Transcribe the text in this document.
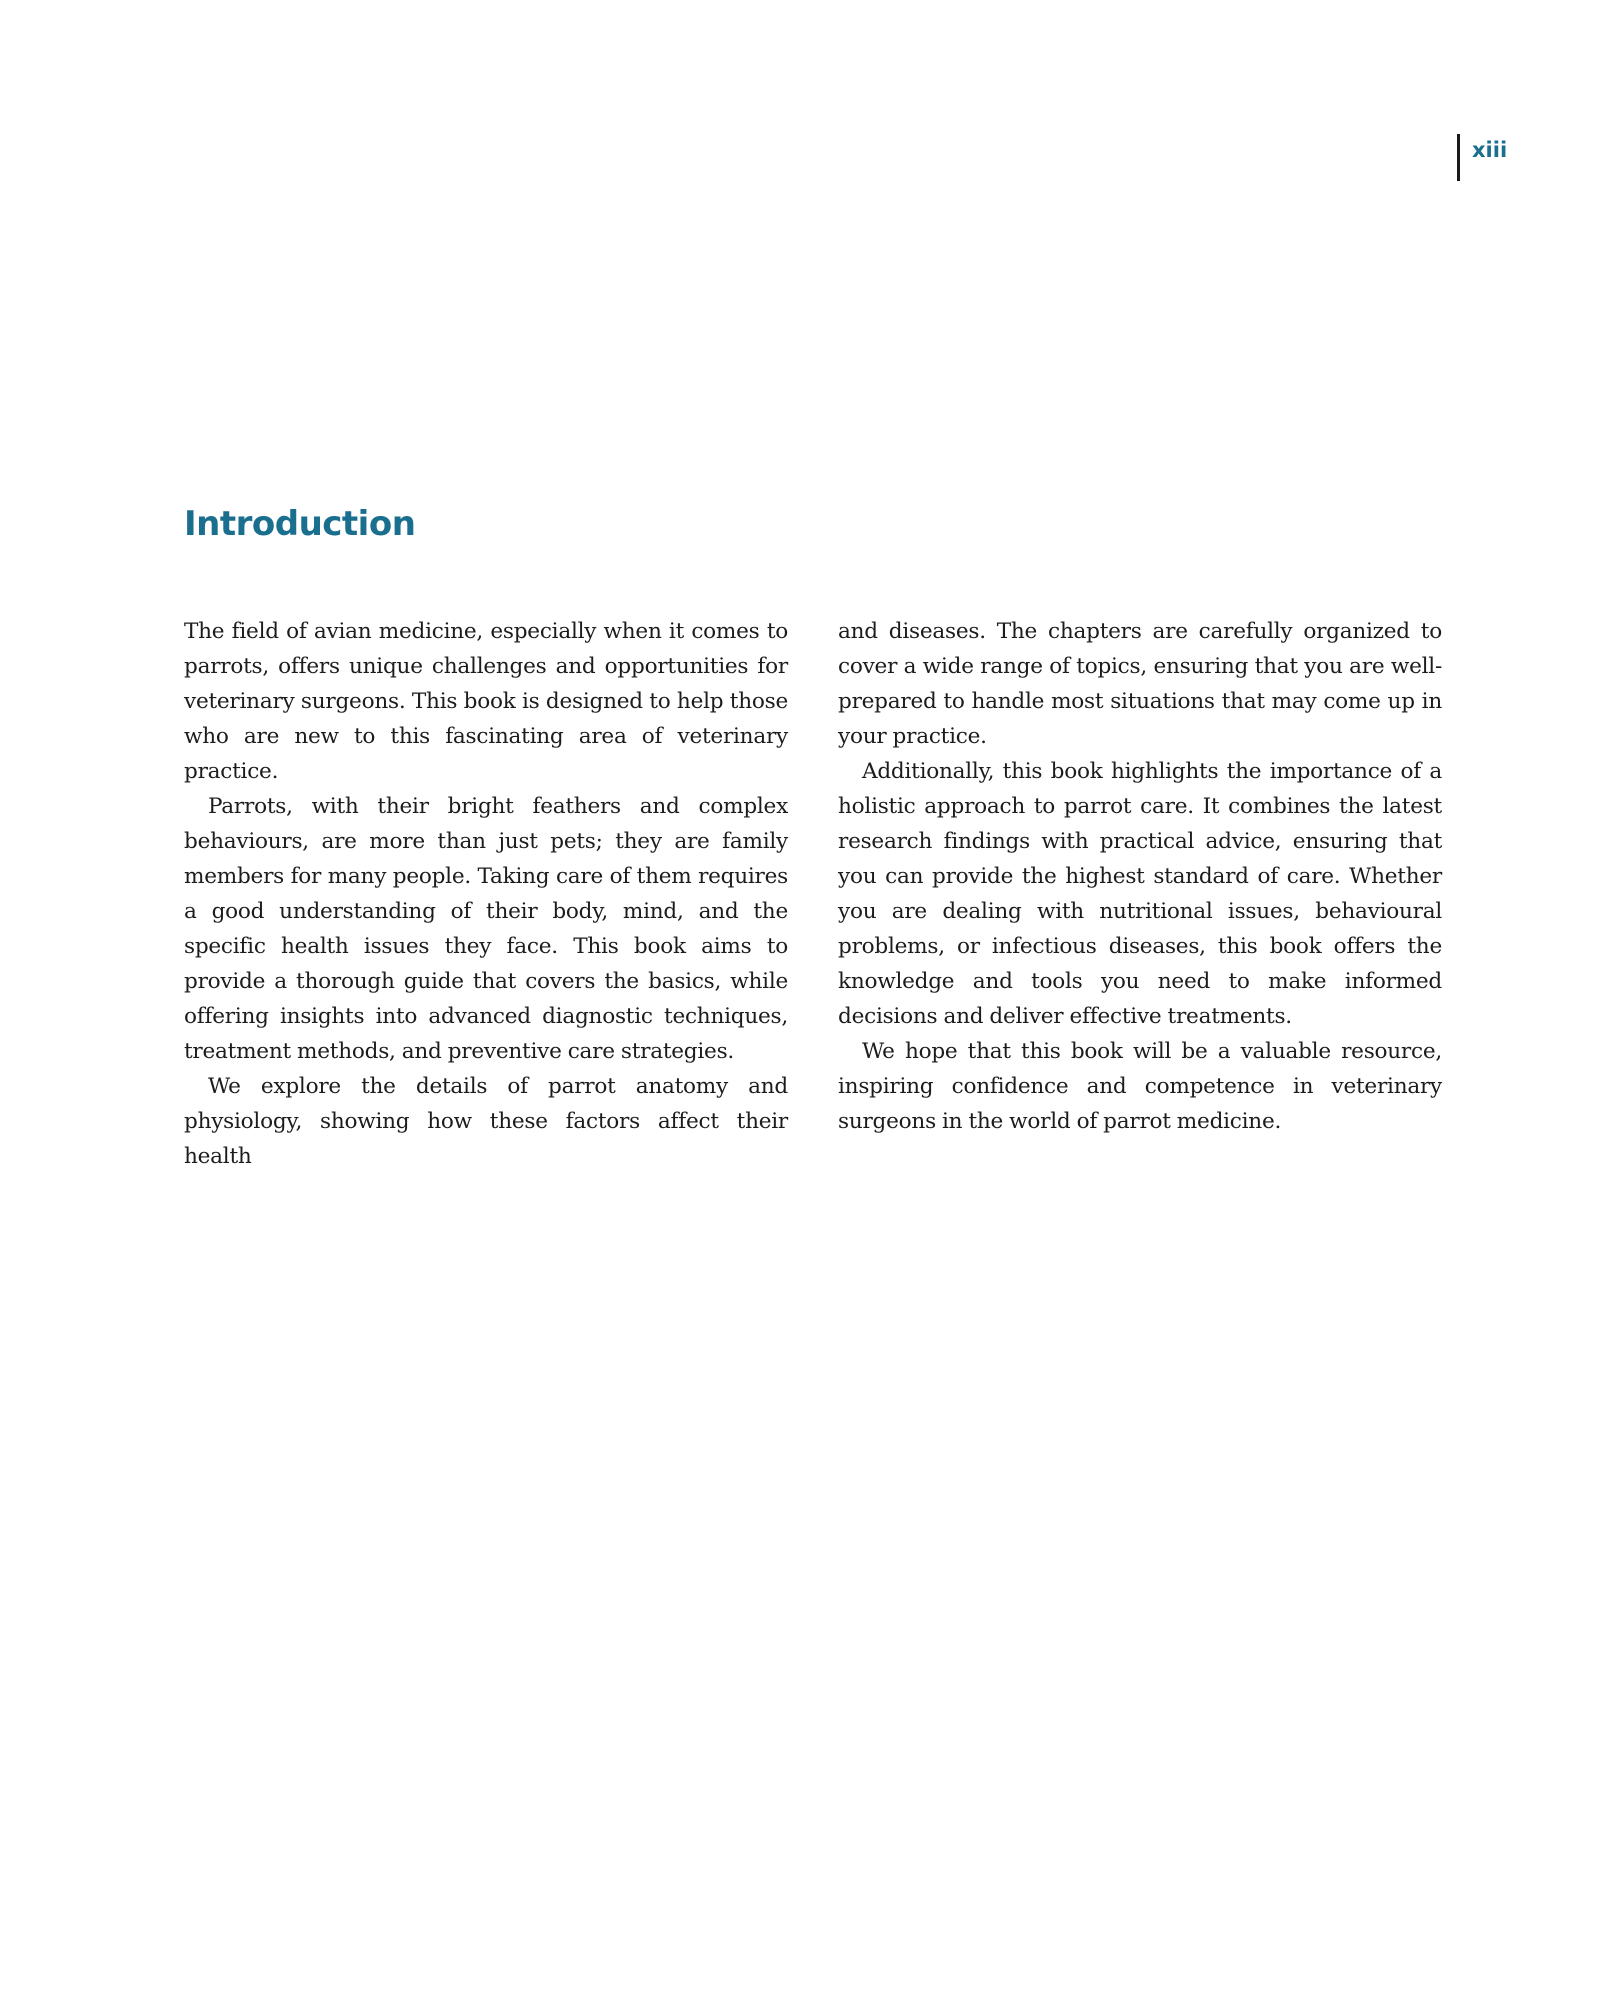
xiii
Introduction

The field of avian medicine, especially when it comes to parrots, offers unique challenges and opportunities for veterinary surgeons. This book is designed to help those who are new to this fascinating area of veterinary practice.

Parrots, with their bright feathers and complex behaviours, are more than just pets; they are family members for many people. Taking care of them requires a good understanding of their body, mind, and the specific health issues they face. This book aims to provide a thorough guide that covers the basics, while offering insights into advanced diagnostic techniques, treatment methods, and preventive care strategies.

We explore the details of parrot anatomy and physiology, showing how these factors affect their health

and diseases. The chapters are carefully organized to cover a wide range of topics, ensuring that you are well-prepared to handle most situations that may come up in your practice.

Additionally, this book highlights the importance of a holistic approach to parrot care. It combines the latest research findings with practical advice, ensuring that you can provide the highest standard of care. Whether you are dealing with nutritional issues, behavioural problems, or infectious diseases, this book offers the knowledge and tools you need to make informed decisions and deliver effective treatments.

We hope that this book will be a valuable resource, inspiring confidence and competence in veterinary surgeons in the world of parrot medicine.
